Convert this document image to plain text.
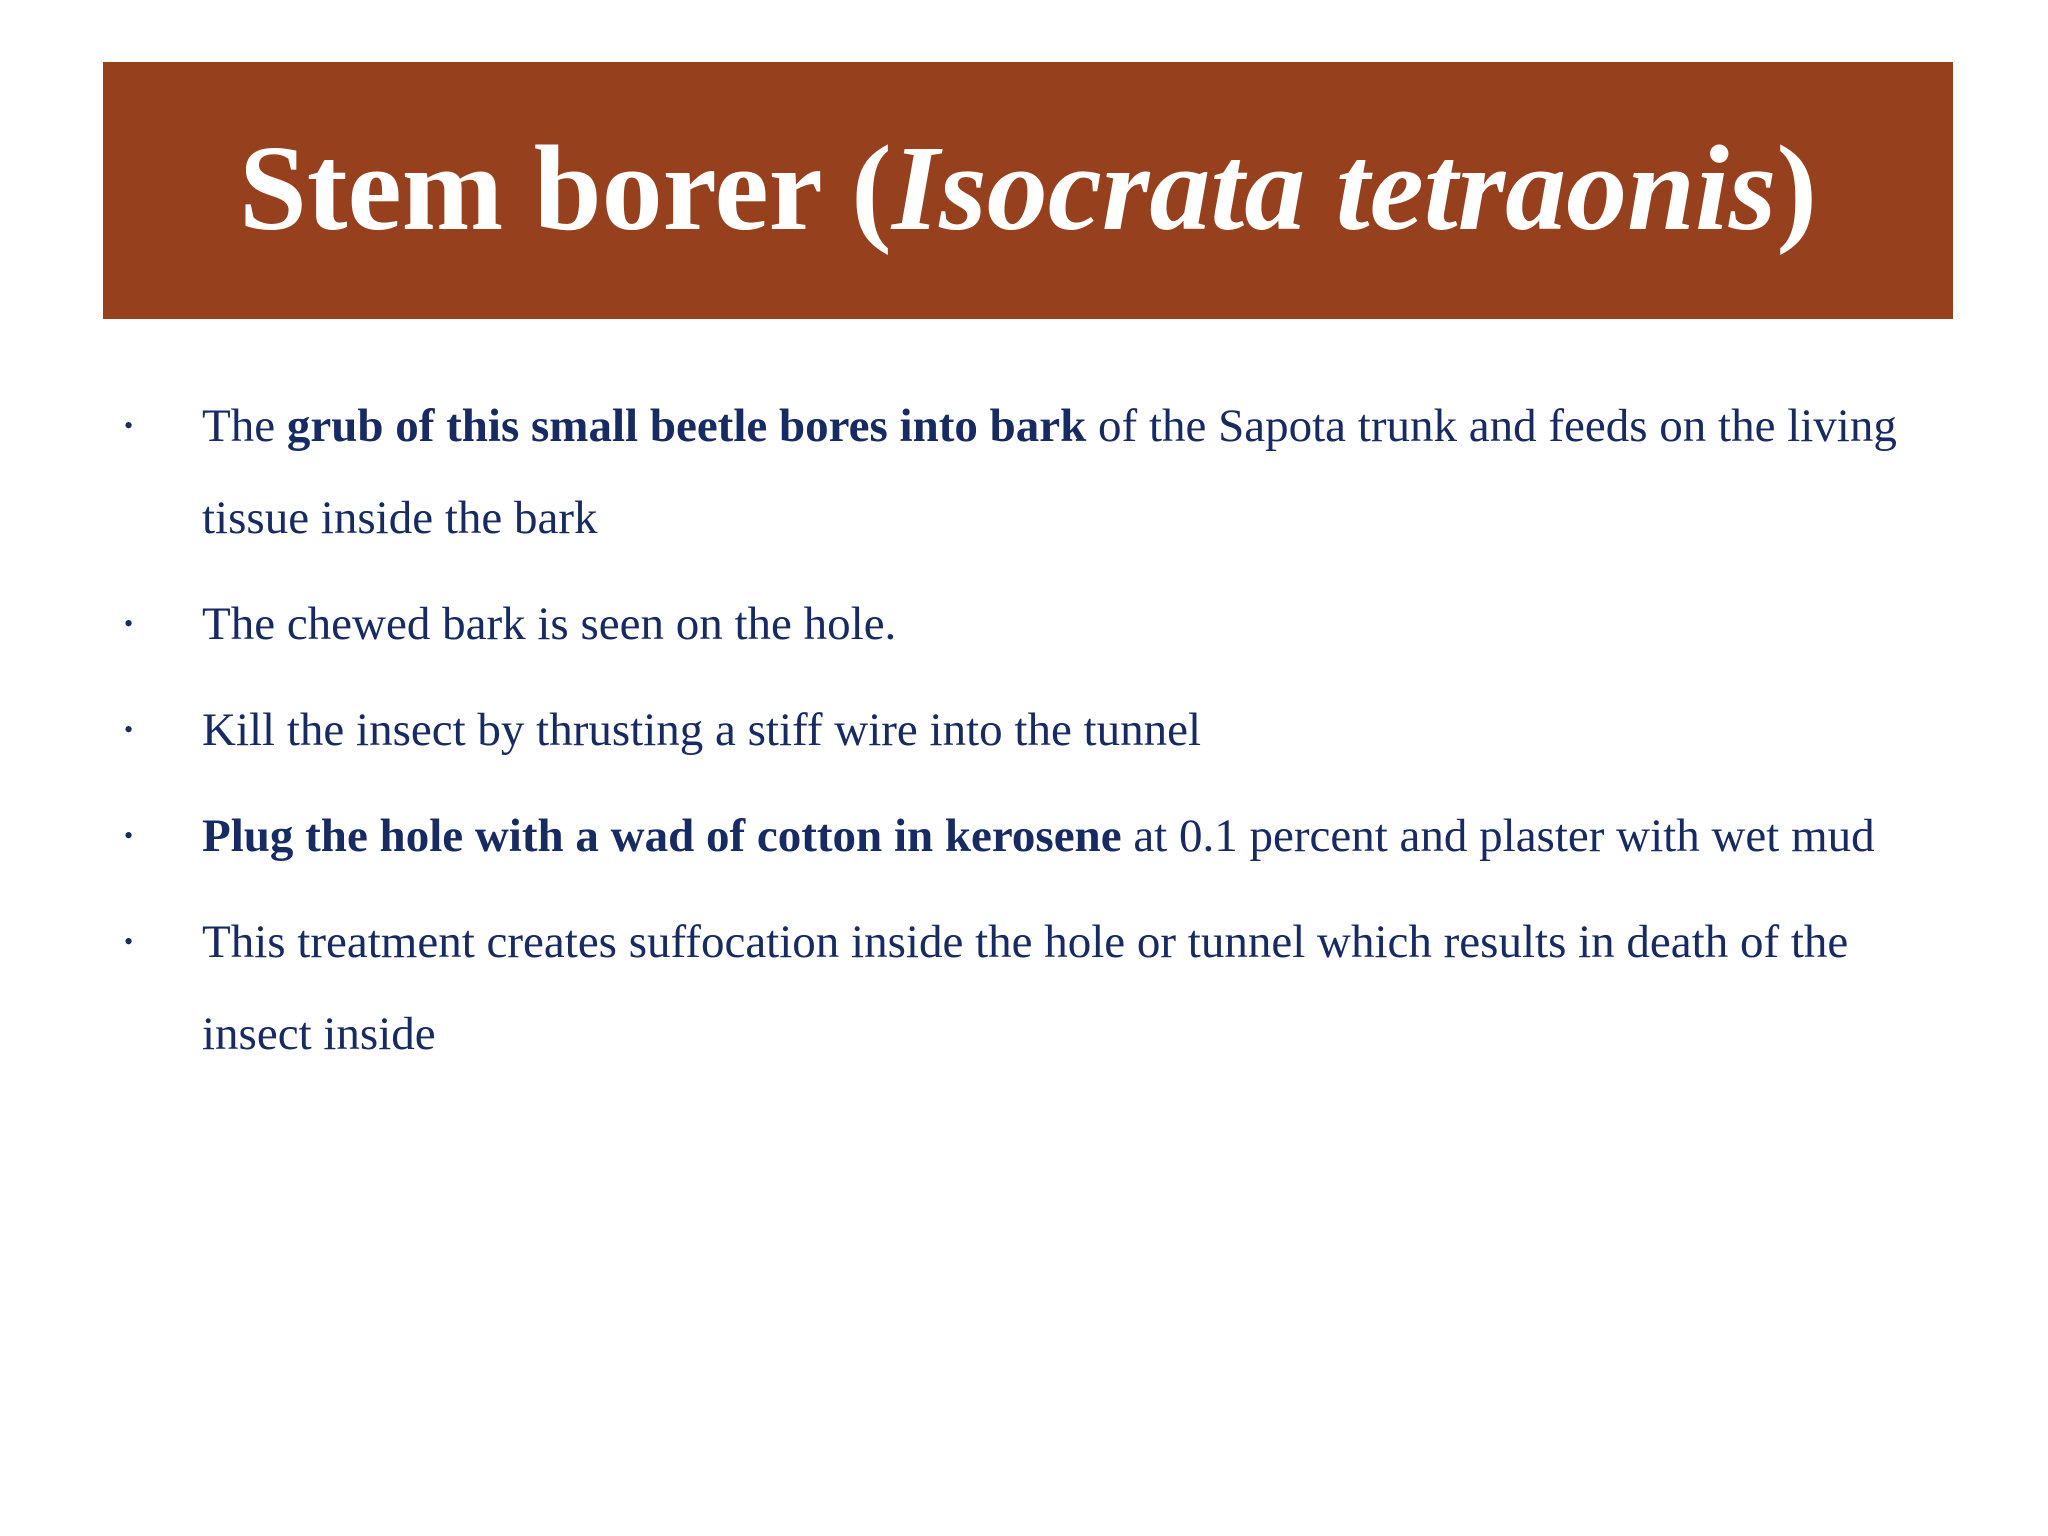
Stem borer (Isocrata tetraonis)
• The grub of this small beetle bores into bark of the Sapota trunk and feeds on the living tissue inside the bark
• The chewed bark is seen on the hole.
• Kill the insect by thrusting a stiff wire into the tunnel
• Plug the hole with a wad of cotton in kerosene at 0.1 percent and plaster with wet mud
• This treatment creates suffocation inside the hole or tunnel which results in death of the insect inside
